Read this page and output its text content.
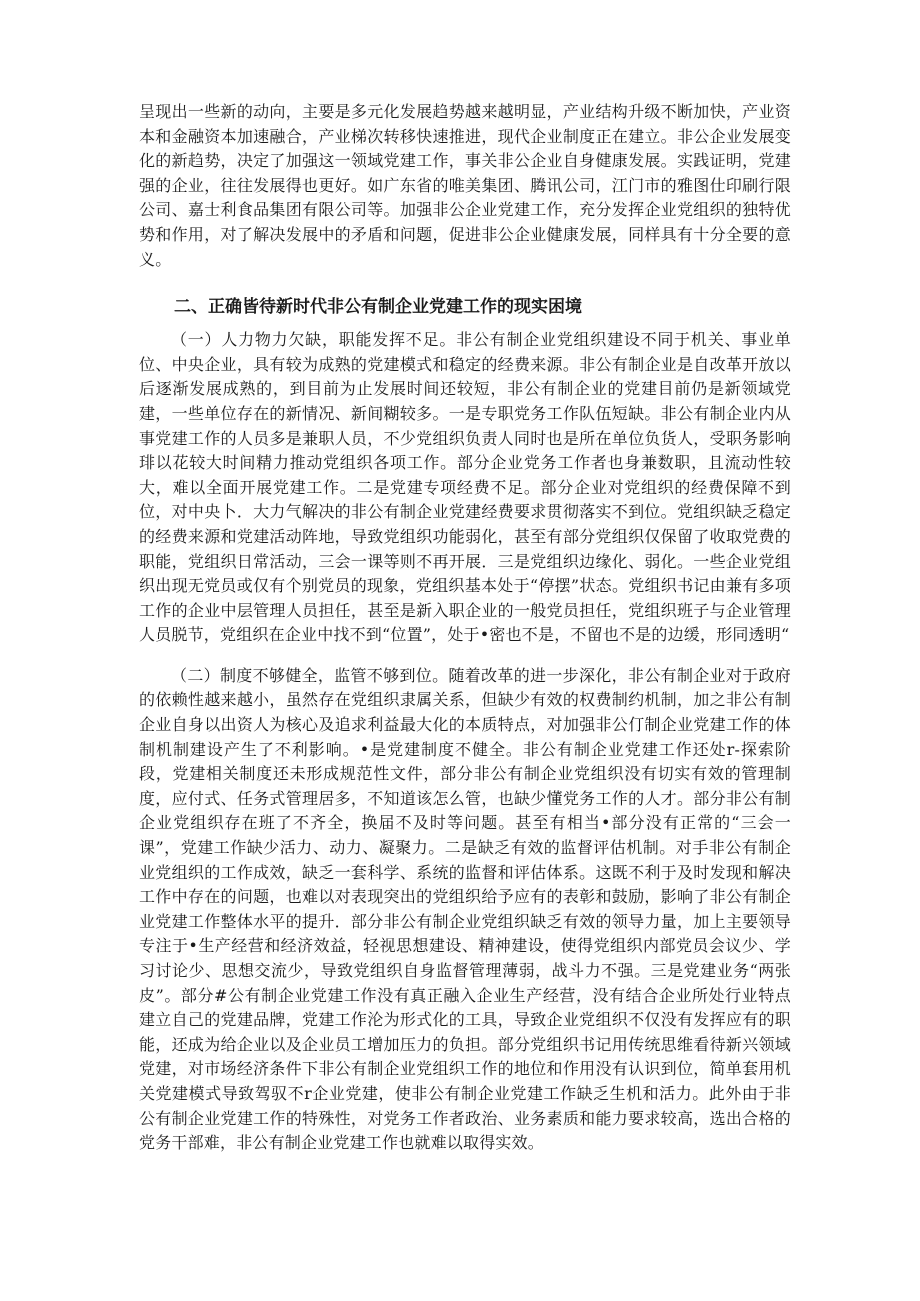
呈现出一些新的动向，主要是多元化发展趋势越来越明显，产业结构升级不断加快，产业资本和金融资本加速融合，产业梯次转移快速推进，现代企业制度正在建立。非公企业发展变化的新趋势，决定了加强这一领域党建工作，事关非公企业自身健康发展。实践证明，党建强的企业，往往发展得也更好。如广东省的唯美集团、腾讯公司，江门市的雅图仕印刷行限公司、嘉士利食品集团有限公司等。加强非公企业党建工作，充分发挥企业党组织的独特优势和作用，对了解决发展中的矛盾和问题，促进非公企业健康发展，同样具有十分全要的意义。

二、正确皆待新时代非公有制企业党建工作的现实困境

（一）人力物力欠缺，职能发挥不足。非公有制企业党组织建设不同于机关、事业单位、中央企业，具有较为成熟的党建模式和稳定的经费来源。非公有制企业是自改革开放以后逐渐发展成熟的，到目前为止发展时间还较短，非公有制企业的党建目前仍是新领域党建，一些单位存在的新情况、新间糊较多。一是专职党务工作队伍短缺。非公有制企业内从事党建工作的人员多是兼职人员，不少党组织负责人同时也是所在单位负货人，受职务影响琲以花较大时间精力推动党组织各项工作。部分企业党务工作者也身兼数职，且流动性较大，难以全面开展党建工作。二是党建专项经费不足。部分企业对党组织的经费保障不到位，对中央卜．大力气解决的非公有制企业党建经费要求贯彻落实不到位。党组织缺乏稳定的经费来源和党建活动阵地，导致党组织功能弱化，甚至有部分党组织仅保留了收取党费的职能，党组织日常活动，三会一课等则不再开展．三是党组织边缘化、弱化。一些企业党组织出现无党员或仅有个别党员的现象，党组织基本处于“停摆”状态。党组织书记由兼有多项工作的企业中层管理人员担任，甚至是新入职企业的一般党员担任，党组织班子与企业管理人员脱节，党组织在企业中找不到“位置”，处于•密也不是，不留也不是的边缓，形同透明“

（二）制度不够健全，监管不够到位。随着改革的进一步深化，非公有制企业对于政府的依赖性越来越小，虽然存在党组织隶属关系，但缺少有效的权费制约机制，加之非公有制企业自身以出资人为核心及追求利益最大化的本质特点，对加强非公仃制企业党建工作的体制机制建设产生了不利影响。•是党建制度不健全。非公有制企业党建工作还处r-探索阶段，党建相关制度还未形成规范性文件，部分非公有制企业党组织没有切实有效的管理制度，应付式、任务式管理居多，不知道该怎么管，也缺少懂党务工作的人才。部分非公有制企业党组织存在班了不齐全，换届不及时等问题。甚至有相当•部分没有正常的“三会一课”，党建工作缺少活力、动力、凝聚力。二是缺乏有效的监督评估机制。对手非公有制企业党组织的工作成效，缺乏一套科学、系统的监督和评估体系。这既不利于及时发现和解决工作中存在的问题，也难以对表现突出的党组织给予应有的表彰和鼓励，影响了非公有制企业党建工作整体水平的提升．部分非公有制企业党组织缺乏有效的领导力量，加上主要领导专注于•生产经营和经济效益，轻视思想建设、精神建设，使得党组织内部党员会议少、学习讨论少、思想交流少，导致党组织自身监督管理薄弱，战斗力不强。三是党建业务“两张皮”。部分#公有制企业党建工作没有真正融入企业生产经营，没有结合企业所处行业特点建立自己的党建品牌，党建工作沦为形式化的工具，导致企业党组织不仅没有发挥应有的职能，还成为给企业以及企业员工增加压力的负担。部分党组织书记用传统思维看待新兴领域党建，对市场经济条件下非公有制企业党组织工作的地位和作用没有认识到位，简单套用机关党建模式导致驾驭不r企业党建，使非公有制企业党建工作缺乏生机和活力。此外由于非公有制企业党建工作的特殊性，对党务工作者政治、业务素质和能力要求较高，选出合格的党务干部难，非公有制企业党建工作也就难以取得实效。
